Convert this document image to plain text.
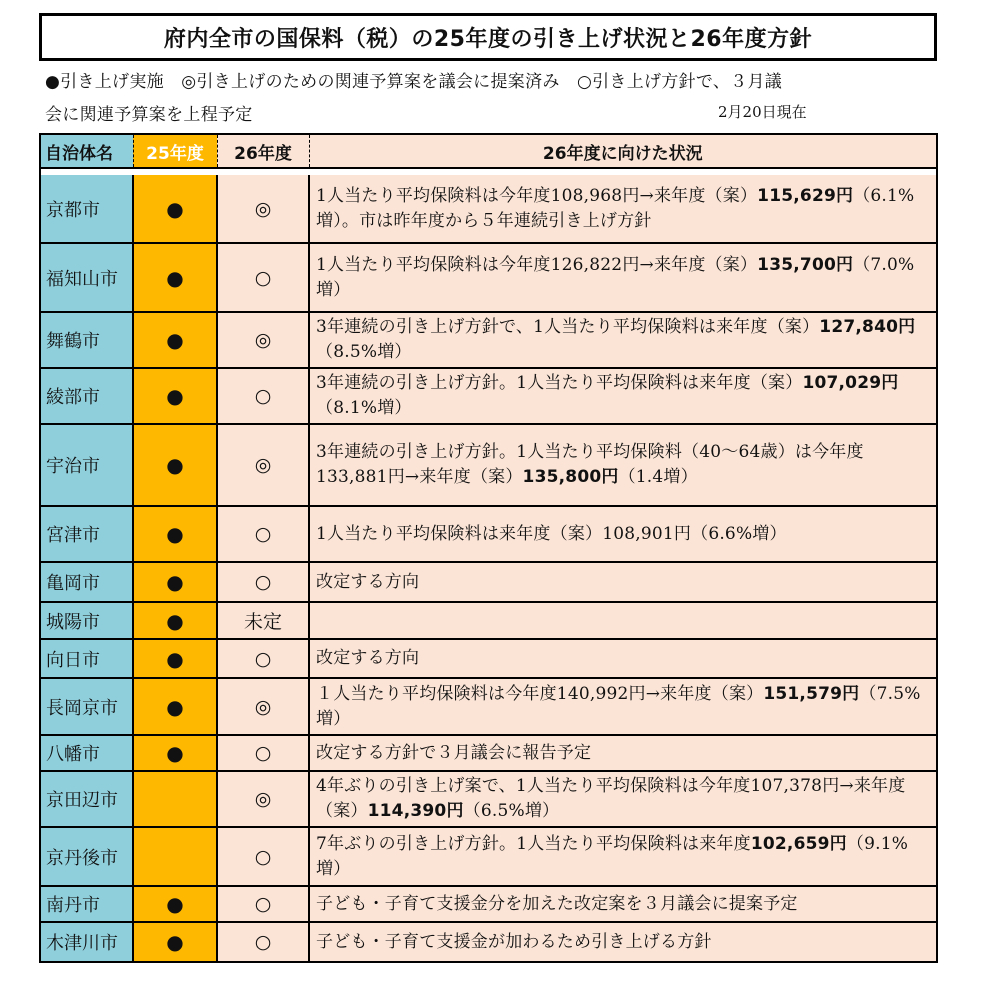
府内全市の国保料（税）の25年度の引き上げ状況と26年度方針
●引き上げ実施　◎引き上げのための関連予算案を議会に提案済み　○引き上げ方針で、３月議
会に関連予算案を上程予定	2月20日現在
自治体名	25年度	26年度	26年度に向けた状況

京都市	●	◎	1人当たり平均保険料は今年度108,968円→来年度（案）115,629円（6.1%増）。市は昨年度から５年連続引き上げ方針
福知山市	●	○	1人当たり平均保険料は今年度126,822円→来年度（案）135,700円（7.0%増）
舞鶴市	●	◎	3年連続の引き上げ方針で、1人当たり平均保険料は来年度（案）127,840円（8.5%増）
綾部市	●	○	3年連続の引き上げ方針。1人当たり平均保険料は来年度（案）107,029円（8.1%増）
宇治市	●	◎	3年連続の引き上げ方針。1人当たり平均保険料（40～64歳）は今年度133,881円→来年度（案）135,800円（1.4増）
宮津市	●	○	1人当たり平均保険料は来年度（案）108,901円（6.6%増）
亀岡市	●	○	改定する方向
城陽市	●	未定	
向日市	●	○	改定する方向
長岡京市	●	◎	１人当たり平均保険料は今年度140,992円→来年度（案）151,579円（7.5%増）
八幡市	●	○	改定する方針で３月議会に報告予定
京田辺市		◎	4年ぶりの引き上げ案で、1人当たり平均保険料は今年度107,378円→来年度（案）114,390円（6.5%増）
京丹後市		○	7年ぶりの引き上げ方針。1人当たり平均保険料は来年度102,659円（9.1%増）
南丹市	●	○	子ども・子育て支援金分を加えた改定案を３月議会に提案予定
木津川市	●	○	子ども・子育て支援金が加わるため引き上げる方針
